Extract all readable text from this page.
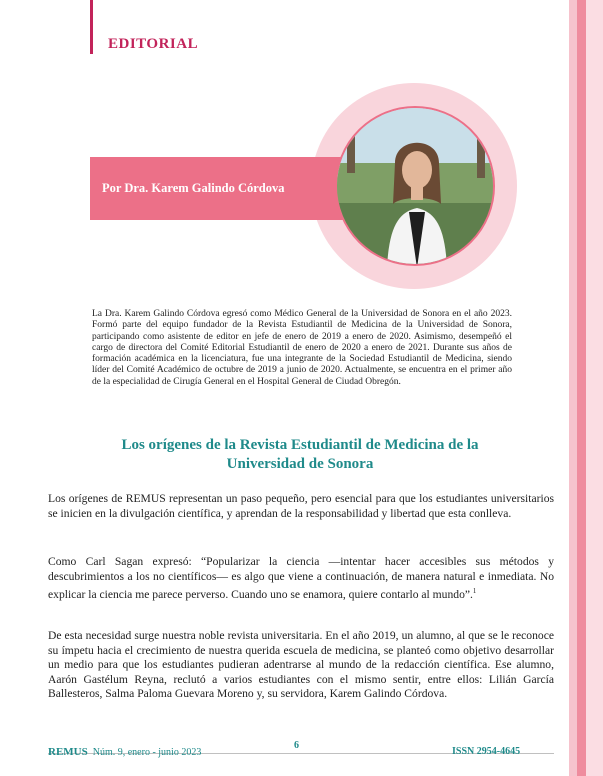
EDITORIAL
Por Dra. Karem Galindo Córdova
La Dra. Karem Galindo Córdova egresó como Médico General de la Universidad de Sonora en el año 2023. Formó parte del equipo fundador de la Revista Estudiantil de Medicina de la Universidad de Sonora, participando como asistente de editor en jefe de enero de 2019 a enero de 2020. Asimismo, desempeñó el cargo de directora del Comité Editorial Estudiantil de enero de 2020 a enero de 2021. Durante sus años de formación académica en la licenciatura, fue una integrante de la Sociedad Estudiantil de Medicina, siendo líder del Comité Académico de octubre de 2019 a junio de 2020. Actualmente, se encuentra en el primer año de la especialidad de Cirugía General en el Hospital General de Ciudad Obregón.
Los orígenes de la Revista Estudiantil de Medicina de la
Universidad de Sonora

Los orígenes de REMUS representan un paso pequeño, pero esencial para que los estudiantes universitarios se inicien en la divulgación científica, y aprendan de la responsabilidad y libertad que esta conlleva.

Como Carl Sagan expresó: “Popularizar la ciencia —intentar hacer accesibles sus métodos y descubrimientos a los no científicos— es algo que viene a continuación, de manera natural e inmediata. No explicar la ciencia me parece perverso. Cuando uno se enamora, quiere contarlo al mundo”.$^1$

De esta necesidad surge nuestra noble revista universitaria. En el año 2019, un alumno, al que se le reconoce su ímpetu hacia el crecimiento de nuestra querida escuela de medicina, se planteó como objetivo desarrollar un medio para que los estudiantes pudieran adentrarse al mundo de la redacción científica. Ese alumno, Aarón Gastélum Reyna, reclutó a varios estudiantes con el mismo sentir, entre ellos: Lilián García Ballesteros, Salma Paloma Guevara Moreno y, su servidora, Karem Galindo Córdova.

6
REMUS Núm. 9, enero - junio 2023	ISSN 2954-4645
